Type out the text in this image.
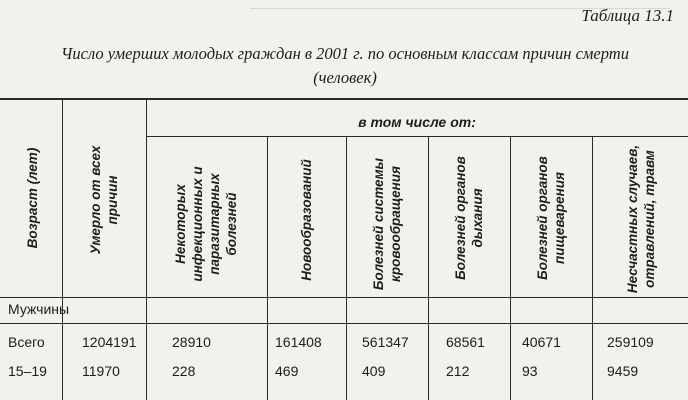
Таблица 13.1
Число умерших молодых граждан в 2001 г. по основным классам причин смерти (человек)
Возраст (лет)	Умерло от всех причин
в том числе от:
Некоторых инфекционных и паразитарных болезней	Новообразований	Болезней системы кровообращения	Болезней органов дыхания	Болезней органов пищеварения	Несчастных случаев, отравлений, травм
Мужчины
Всего	1204191	28910	161408	561347	68561	40671	259109
15–19	11970	228	469	409	212	93	9459
